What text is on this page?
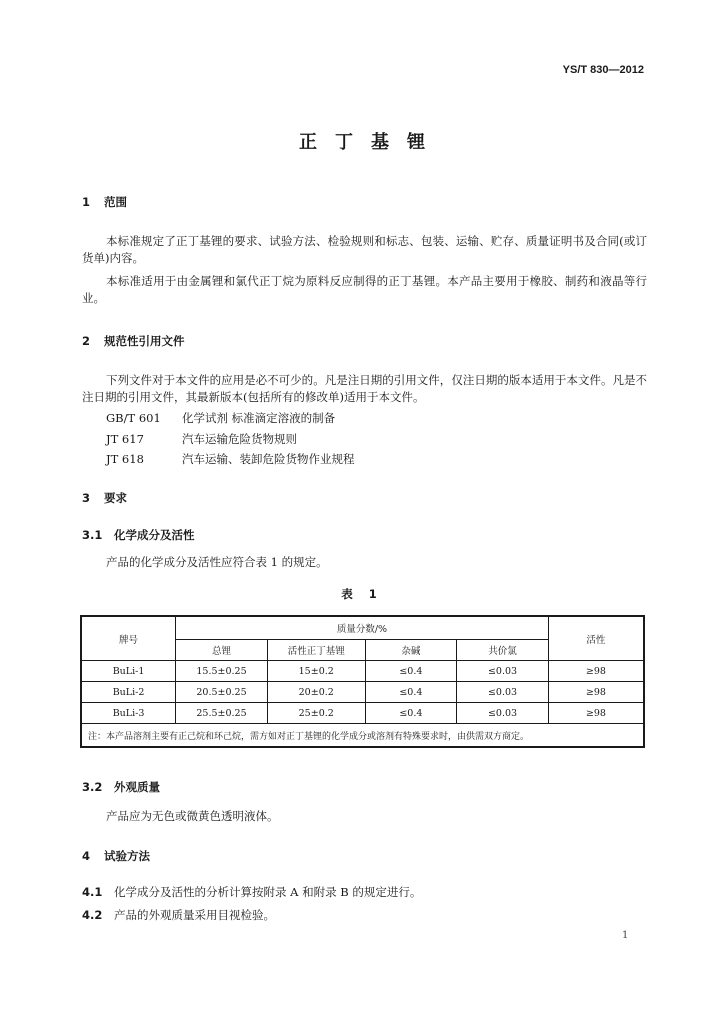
YS/T 830—2012
正丁基锂
1 范围
本标准规定了正丁基锂的要求、试验方法、检验规则和标志、包装、运输、贮存、质量证明书及合同(或订货单)内容。
本标准适用于由金属锂和氯代正丁烷为原料反应制得的正丁基锂。本产品主要用于橡胶、制药和液晶等行业。
2 规范性引用文件
下列文件对于本文件的应用是必不可少的。凡是注日期的引用文件，仅注日期的版本适用于本文件。凡是不注日期的引用文件，其最新版本(包括所有的修改单)适用于本文件。
GB/T 601 化学试剂 标准滴定溶液的制备
JT 617	汽车运输危险货物规则
JT 618	汽车运输、装卸危险货物作业规程
3 要求
3.1 化学成分及活性
产品的化学成分及活性应符合表 1 的规定。
表 1
牌号	质量分数/%				活性
	总锂	活性正丁基锂	杂碱	共价氯	
BuLi-1	15.5±0.25	15±0.2	≤0.4	≤0.03	≥98
BuLi-2	20.5±0.25	20±0.2	≤0.4	≤0.03	≥98
BuLi-3	25.5±0.25	25±0.2	≤0.4	≤0.03	≥98
注：本产品溶剂主要有正己烷和环己烷，需方如对正丁基锂的化学成分或溶剂有特殊要求时，由供需双方商定。					
3.2 外观质量
产品应为无色或微黄色透明液体。
4 试验方法
4.1 化学成分及活性的分析计算按附录 A 和附录 B 的规定进行。
4.2 产品的外观质量采用目视检验。
1
